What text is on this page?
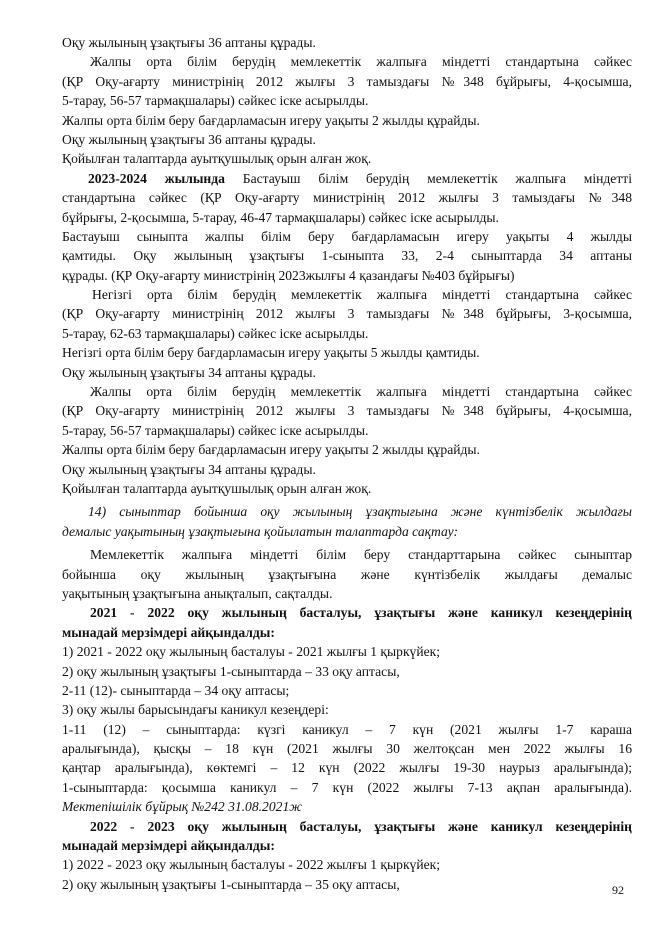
Оқу жылының ұзақтығы 36 аптаны құрады.
Жалпы орта білім берудің мемлекеттік жалпыға міндетті стандартына сәйкес
(ҚР Оқу-ағарту министрінің 2012 жылғы 3 тамыздағы №348 бұйрығы, 4-қосымша,
5-тарау, 56-57 тармақшалары) сәйкес іске асырылды.
Жалпы орта білім беру бағдарламасын игеру уақыты 2 жылды құрайды.
Оқу жылының ұзақтығы 36 аптаны құрады.
Қойылған талаптарда ауытқушылық орын алған жоқ.
2023-2024 жылында Бастауыш білім берудің мемлекеттік жалпыға міндетті
стандартына сәйкес (ҚР Оқу-ағарту министрінің 2012 жылғы 3 тамыздағы №348
бұйрығы, 2-қосымша, 5-тарау, 46-47 тармақшалары) сәйкес іске асырылды.
Бастауыш сыныпта жалпы білім беру бағдарламасын игеру уақыты 4 жылды
қамтиды. Оқу жылының ұзақтығы 1-сыныпта 33, 2-4 сыныптарда 34 аптаны
құрады. (ҚР Оқу-ағарту министрінің 2023жылғы 4 қазандағы №403 бұйрығы)
Негізгі орта білім берудің мемлекеттік жалпыға міндетті стандартына сәйкес
(ҚР Оқу-ағарту министрінің 2012 жылғы 3 тамыздағы №348 бұйрығы, 3-қосымша,
5-тарау, 62-63 тармақшалары) сәйкес іске асырылды.
Негізгі орта білім беру бағдарламасын игеру уақыты 5 жылды қамтиды.
Оқу жылының ұзақтығы 34 аптаны құрады.
Жалпы орта білім берудің мемлекеттік жалпыға міндетті стандартына сәйкес
(ҚР Оқу-ағарту министрінің 2012 жылғы 3 тамыздағы №348 бұйрығы, 4-қосымша,
5-тарау, 56-57 тармақшалары) сәйкес іске асырылды.
Жалпы орта білім беру бағдарламасын игеру уақыты 2 жылды құрайды.
Оқу жылының ұзақтығы 34 аптаны құрады.
Қойылған талаптарда ауытқушылық орын алған жоқ.
14) сыныптар бойынша оқу жылының ұзақтығына және күнтізбелік жылдағы
демалыс уақытының ұзақтығына қойылатын талаптарда сақтау:
Мемлекеттік жалпыға міндетті білім беру стандарттарына сәйкес сыныптар
бойынша оқу жылының ұзақтығына және күнтізбелік жылдағы демалыс
уақытының ұзақтығына анықталып, сақталды.
2021 - 2022 оқу жылының басталуы, ұзақтығы және каникул кезеңдерінің
мынадай мерзімдері айқындалды:
1) 2021 - 2022 оқу жылының басталуы - 2021 жылғы 1 қыркүйек;
2) оқу жылының ұзақтығы 1-сыныптарда – 33 оқу аптасы,
2-11 (12)- сыныптарда – 34 оқу аптасы;
3) оқу жылы барысындағы каникул кезеңдері:
1-11 (12) – сыныптарда: күзгі каникул – 7 күн (2021 жылғы 1-7 караша
аралығында), қысқы – 18 күн (2021 жылғы 30 желтоқсан мен 2022 жылғы 16
қаңтар аралығында), көктемгі – 12 күн (2022 жылғы 19-30 наурыз аралығында);
1-сыныптарда: қосымша каникул – 7 күн (2022 жылғы 7-13 ақпан аралығында).
Мектепішілік бұйрық №242 31.08.2021ж
2022 - 2023 оқу жылының басталуы, ұзақтығы және каникул кезеңдерінің
мынадай мерзімдері айқындалды:
1) 2022 - 2023 оқу жылының басталуы - 2022 жылғы 1 қыркүйек;
2) оқу жылының ұзақтығы 1-сыныптарда – 35 оқу аптасы,	92
